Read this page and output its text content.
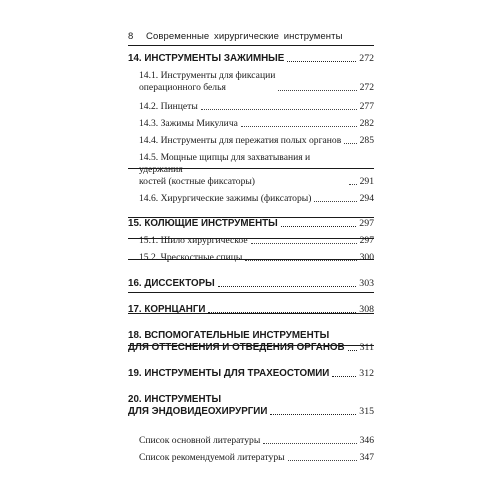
8 Современные хирургические инструменты
14. ИНСТРУМЕНТЫ ЗАЖИМНЫЕ	272
14.1. Инструменты для фиксации
операционного белья	272
14.2. Пинцеты	277
14.3. Зажимы Микулича	282
14.4. Инструменты для пережатия полых органов 285
14.5. Мощные щипцы для захватывания и удержания
костей (костные фиксаторы)	291
14.6. Хирургические зажимы (фиксаторы)	294
15. КОЛЮЩИЕ ИНСТРУМЕНТЫ	297
15.1. Шило хирургическое	297
15.2. Чрескостные спицы	300
16. ДИССЕКТОРЫ	303
17. КОРНЦАНГИ	308
18. ВСПОМОГАТЕЛЬНЫЕ ИНСТРУМЕНТЫ
ДЛЯ ОТТЕСНЕНИЯ И ОТВЕДЕНИЯ ОРГАНОВ 311
19. ИНСТРУМЕНТЫ ДЛЯ ТРАХЕОСТОМИИ	312
20. ИНСТРУМЕНТЫ
ДЛЯ ЭНДОВИДЕОХИРУРГИИ	315
Список основной литературы	346
Список рекомендуемой литературы	347
